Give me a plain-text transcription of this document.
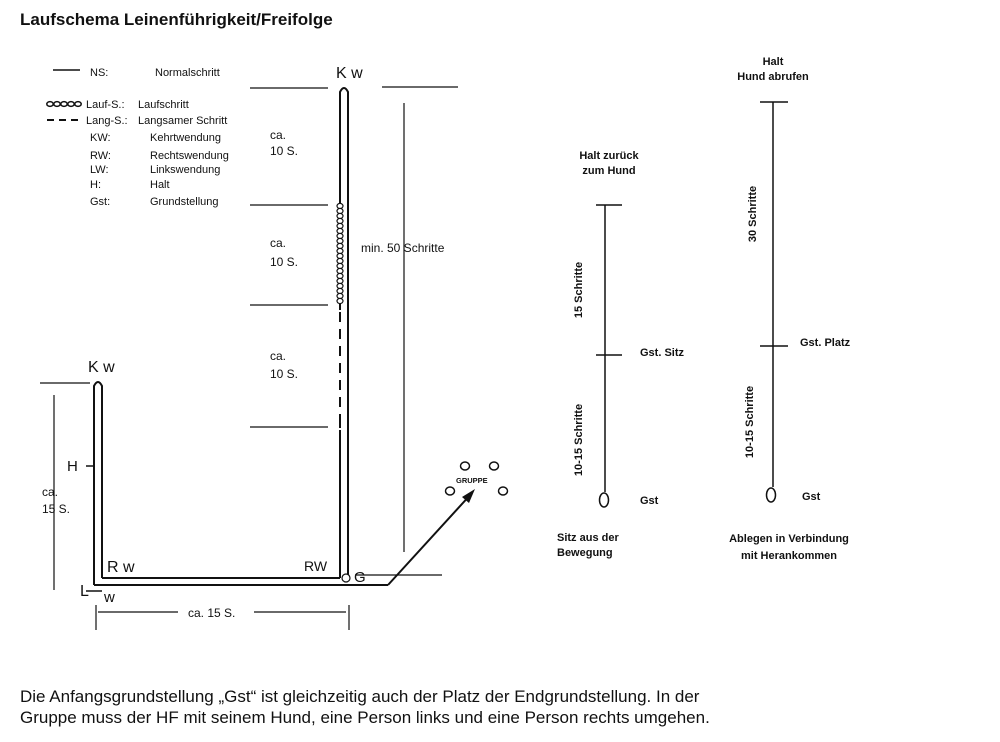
Laufschema Leinenführigkeit/Freifolge
NS:	Normalschritt
Lauf-S.: Laufschritt
Lang-S.: Langsamer Schritt
KW:	Kehrtwendung
RW:	Rechtswendung
LW:	Linkswendung
H:	Halt
Gst:	Grundstellung
K w
K w
ca.
10 S.
ca.
10 S.
ca.
10 S.
min. 50 Schritte
ca.
15 S.
H
R w
L w
RW
G
ca. 15 S.
GRUPPE
Halt zurück
zum Hund
15 Schritte
Gst. Sitz
10-15 Schritte
Gst
Sitz aus der
Bewegung
Halt
Hund abrufen
30 Schritte
Gst. Platz
10-15 Schritte
Gst
Ablegen in Verbindung
mit Herankommen
Die Anfangsgrundstellung „Gst“ ist gleichzeitig auch der Platz der Endgrundstellung. In der
Gruppe muss der HF mit seinem Hund, eine Person links und eine Person rechts umgehen.
